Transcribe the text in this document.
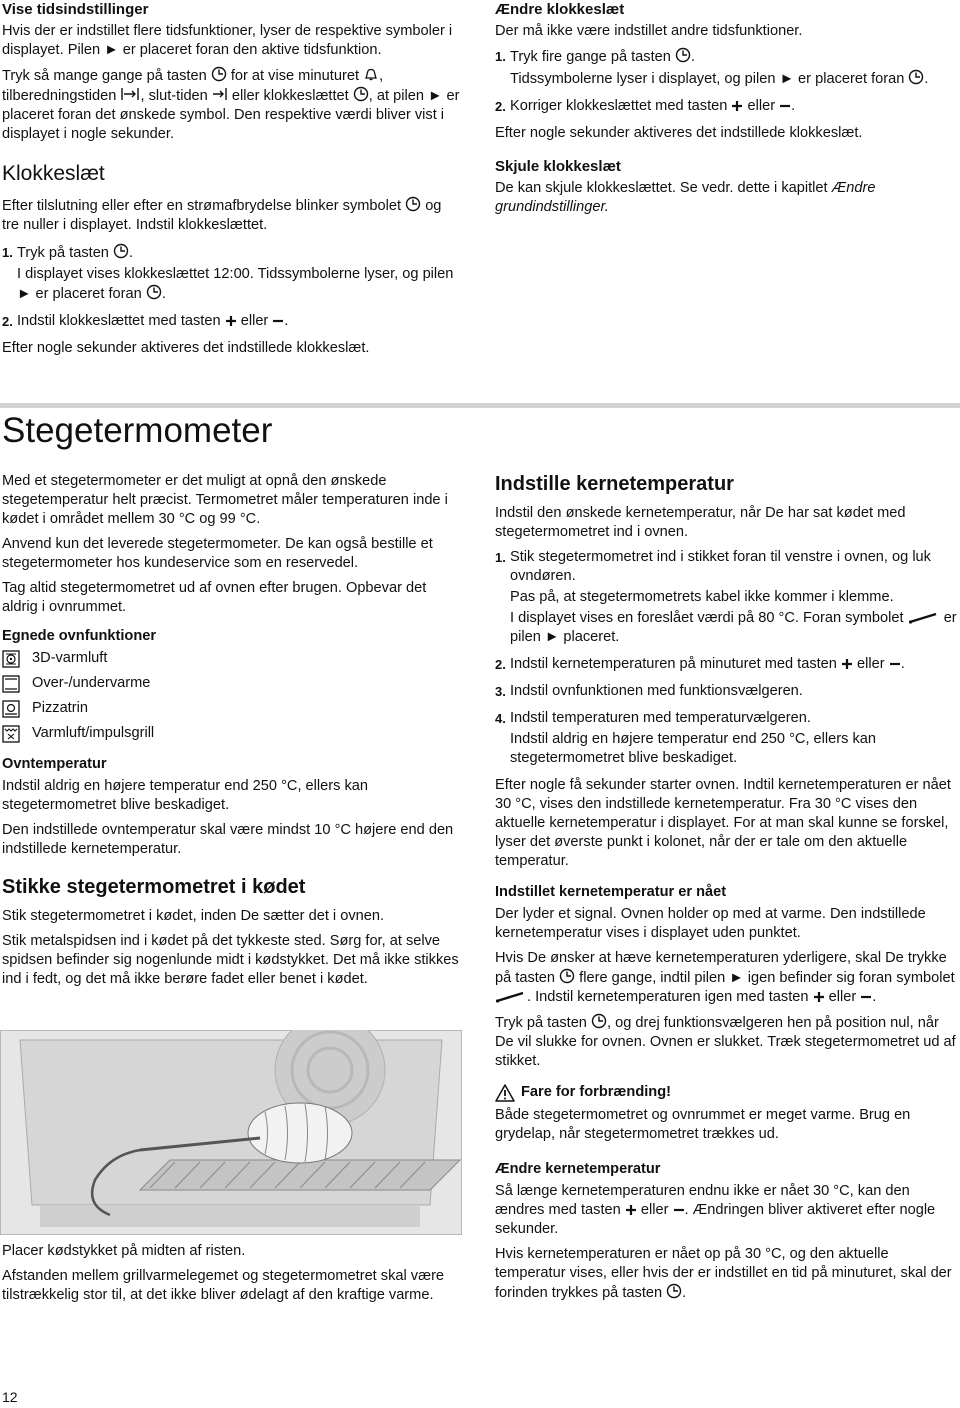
Vise tidsindstillinger

Hvis der er indstillet flere tidsfunktioner, lyser de respektive symboler i displayet. Pilen ► er placeret foran den aktive tidsfunktion.

Tryk så mange gange på tasten for at vise minuturet , tilberedningstiden , slut-tiden eller klokkeslættet , at pilen ► er placeret foran det ønskede symbol. Den respektive værdi bliver vist i displayet i nogle sekunder.

Klokkeslæt

Efter tilslutning eller efter en strømafbrydelse blinker symbolet og tre nuller i displayet. Indstil klokkeslættet.

1. Tryk på tasten .

I displayet vises klokkeslættet 12:00. Tidssymbolerne lyser, og pilen ► er placeret foran .

2. Indstil klokkeslættet med tasten eller .

Efter nogle sekunder aktiveres det indstillede klokkeslæt.

Ændre klokkeslæt

Der må ikke være indstillet andre tidsfunktioner.

1. Tryk fire gange på tasten .

Tidssymbolerne lyser i displayet, og pilen ► er placeret foran .

2. Korriger klokkeslættet med tasten eller .

Efter nogle sekunder aktiveres det indstillede klokkeslæt.

Skjule klokkeslæt

De kan skjule klokkeslættet. Se vedr. dette i kapitlet Ændre grundindstillinger.

Stegetermometer

Med et stegetermometer er det muligt at opnå den ønskede stegetemperatur helt præcist. Termometret måler temperaturen inde i kødet i området mellem 30 °C og 99 °C.

Anvend kun det leverede stegetermometer. De kan også bestille et stegetermometer hos kundeservice som en reservedel.

Tag altid stegetermometret ud af ovnen efter brugen. Opbevar det aldrig i ovnrummet.

Egnede ovnfunktioner
3D-varmluft
Over-/undervarme
Pizzatrin
Varmluft/impulsgrill
Ovntemperatur

Indstil aldrig en højere temperatur end 250 °C, ellers kan stegetermometret blive beskadiget.

Den indstillede ovntemperatur skal være mindst 10 °C højere end den indstillede kernetemperatur.

Stikke stegetermometret i kødet

Stik stegetermometret i kødet, inden De sætter det i ovnen.

Stik metalspidsen ind i kødet på det tykkeste sted. Sørg for, at selve spidsen befinder sig nogenlunde midt i kødstykket. Det må ikke stikkes ind i fedt, og det må ikke berøre fadet eller benet i kødet.

Placer kødstykket på midten af risten.

Afstanden mellem grillvarmelegemet og stegetermometret skal være tilstrækkelig stor til, at det ikke bliver ødelagt af den kraftige varme.

Indstille kernetemperatur

Indstil den ønskede kernetemperatur, når De har sat kødet med stegetermometret ind i ovnen.

1. Stik stegetermometret ind i stikket foran til venstre i ovnen, og luk ovndøren.

Pas på, at stegetermometrets kabel ikke kommer i klemme.

I displayet vises en foreslået værdi på 80 °C. Foran symbolet	er pilen ► placeret.

2. Indstil kernetemperaturen på minuturet med tasten eller .

3. Indstil ovnfunktionen med funktionsvælgeren.

4. Indstil temperaturen med temperaturvælgeren.

Indstil aldrig en højere temperatur end 250 °C, ellers kan stegetermometret blive beskadiget.

Efter nogle få sekunder starter ovnen. Indtil kernetemperaturen er nået 30 °C, vises den indstillede kernetemperatur. Fra 30 °C vises den aktuelle kernetemperatur i displayet. For at man skal kunne se forskel, lyser det øverste punkt i kolonet, når der er tale om den aktuelle temperatur.

Indstillet kernetemperatur er nået

Der lyder et signal. Ovnen holder op med at varme. Den indstillede kernetemperatur vises i displayet uden punktet.

Hvis De ønsker at hæve kernetemperaturen yderligere, skal De trykke på tasten flere gange, indtil pilen ► igen befinder sig foran symbolet . Indstil kernetemperaturen igen med tasten eller .

Tryk på tasten , og drej funktionsvælgeren hen på position nul, når De vil slukke for ovnen. Ovnen er slukket. Træk stegetermometret ud af stikket.

Fare for forbrænding!

Både stegetermometret og ovnrummet er meget varme. Brug en grydelap, når stegetermometret trækkes ud.

Ændre kernetemperatur

Så længe kernetemperaturen endnu ikke er nået 30 °C, kan den ændres med tasten eller . Ændringen bliver aktiveret efter nogle sekunder.

Hvis kernetemperaturen er nået op på 30 °C, og den aktuelle temperatur vises, eller hvis der er indstillet en tid på minuturet, skal der forinden trykkes på tasten .

12
